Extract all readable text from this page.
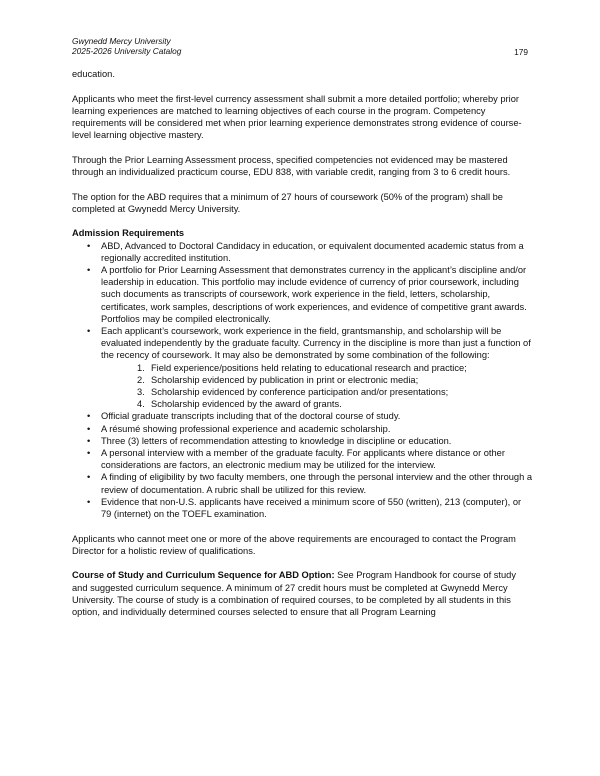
Gwynedd Mercy University
2025-2026 University Catalog	179

education.

Applicants who meet the first-level currency assessment shall submit a more detailed portfolio; whereby prior learning experiences are matched to learning objectives of each course in the program. Competency requirements will be considered met when prior learning experience demonstrates strong evidence of course-level learning objective mastery.

Through the Prior Learning Assessment process, specified competencies not evidenced may be mastered through an individualized practicum course, EDU 838, with variable credit, ranging from 3 to 6 credit hours.

The option for the ABD requires that a minimum of 27 hours of coursework (50% of the program) shall be completed at Gwynedd Mercy University.

Admission Requirements
• ABD, Advanced to Doctoral Candidacy in education, or equivalent documented academic status from a regionally accredited institution.
• A portfolio for Prior Learning Assessment that demonstrates currency in the applicant’s discipline and/or leadership in education. This portfolio may include evidence of currency of prior coursework, including such documents as transcripts of coursework, work experience in the field, letters, scholarship, certificates, work samples, descriptions of work experiences, and evidence of competitive grant awards. Portfolios may be compiled electronically.
• Each applicant’s coursework, work experience in the field, grantsmanship, and scholarship will be evaluated independently by the graduate faculty. Currency in the discipline is more than just a function of the recency of coursework. It may also be demonstrated by some combination of the following:
1. Field experience/positions held relating to educational research and practice;
2. Scholarship evidenced by publication in print or electronic media;
3. Scholarship evidenced by conference participation and/or presentations;
4. Scholarship evidenced by the award of grants.
• Official graduate transcripts including that of the doctoral course of study.
• A résumé showing professional experience and academic scholarship.
• Three (3) letters of recommendation attesting to knowledge in discipline or education.
• A personal interview with a member of the graduate faculty. For applicants where distance or other considerations are factors, an electronic medium may be utilized for the interview.
• A finding of eligibility by two faculty members, one through the personal interview and the other through a review of documentation. A rubric shall be utilized for this review.
• Evidence that non-U.S. applicants have received a minimum score of 550 (written), 213 (computer), or 79 (internet) on the TOEFL examination.

Applicants who cannot meet one or more of the above requirements are encouraged to contact the Program Director for a holistic review of qualifications.

Course of Study and Curriculum Sequence for ABD Option: See Program Handbook for course of study and suggested curriculum sequence. A minimum of 27 credit hours must be completed at Gwynedd Mercy University. The course of study is a combination of required courses, to be completed by all students in this option, and individually determined courses selected to ensure that all Program Learning
